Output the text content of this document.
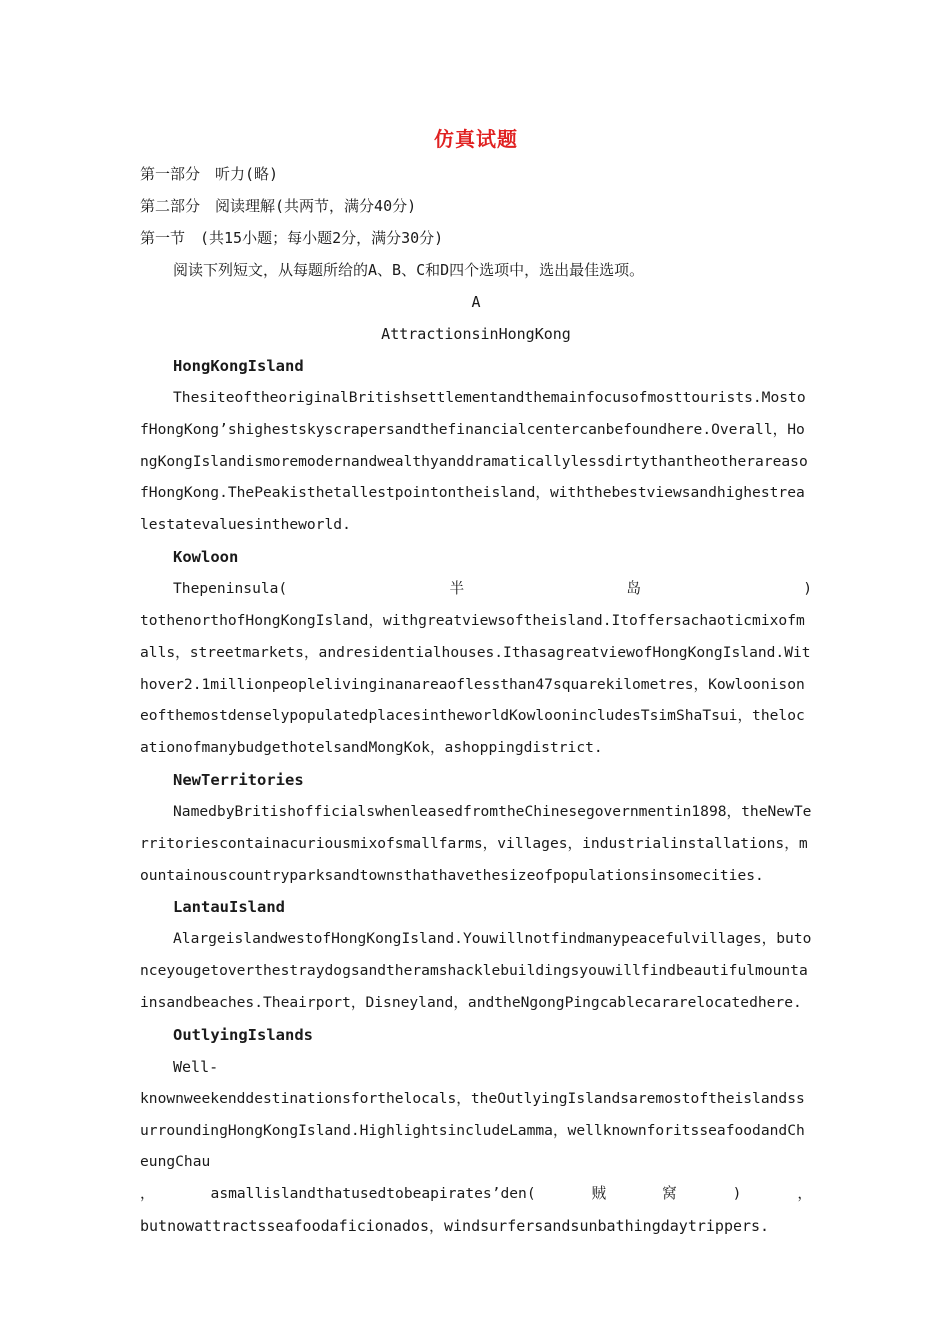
仿真试题
第一部分　听力(略)
第二部分　阅读理解(共两节，满分40分)
第一节　(共15小题；每小题2分，满分30分)
阅读下列短文，从每题所给的A、B、C和D四个选项中，选出最佳选项。
A
AttractionsinHongKong
HongKongIsland

ThesiteoftheoriginalBritishsettlementandthemainfocusofmosttourists.MostofHongKong’shighestskyscrapersandthefinancialcentercanbefoundhere.Overall，HongKongIslandismoremodernandwealthyanddramaticallylessdirtythantheotherareasofHongKong.ThePeakisthetallestpointontheisland，withthebestviewsandhighestrealestatevaluesintheworld.

Kowloon
Thepeninsula(	半	岛	)

tothenorthofHongKongIsland，withgreatviewsoftheisland.Itoffersachaoticmixofmalls，streetmarkets，andresidentialhouses.IthasagreatviewofHongKongIsland.Withover2.1millionpeoplelivinginanareaoflessthan47squarekilometres，KowloonisoneofthemostdenselypopulatedplacesintheworldKowloonincludesTsimShaTsui，thelocationofmanybudgethotelsandMongKok，ashoppingdistrict.

NewTerritories

NamedbyBritishofficialswhenleasedfromtheChinesegovernmentin1898，theNewTerritoriescontainacuriousmixofsmallfarms，villages，industrialinstallations，mountainouscountryparksandtownsthathavethesizeofpopulationsinsomecities.

LantauIsland

AlargeislandwestofHongKongIsland.Youwillnotfindmanypeacefulvillages，butonceyougetoverthestraydogsandtheramshacklebuildingsyouwillfindbeautifulmountainsandbeaches.Theairport，Disneyland，andtheNgongPingcablecararelocatedhere.

OutlyingIslands
Well-

knownweekenddestinationsforthelocals，theOutlyingIslandsaremostoftheislandssurroundingHongKongIsland.HighlightsincludeLamma，wellknownforitsseafoodandCheungChau

，	asmallislandthatusedtobeapirates’den(	贼	窝	)	，
butnowattractsseafoodaficionados，windsurfersandsunbathingdaytrippers.
